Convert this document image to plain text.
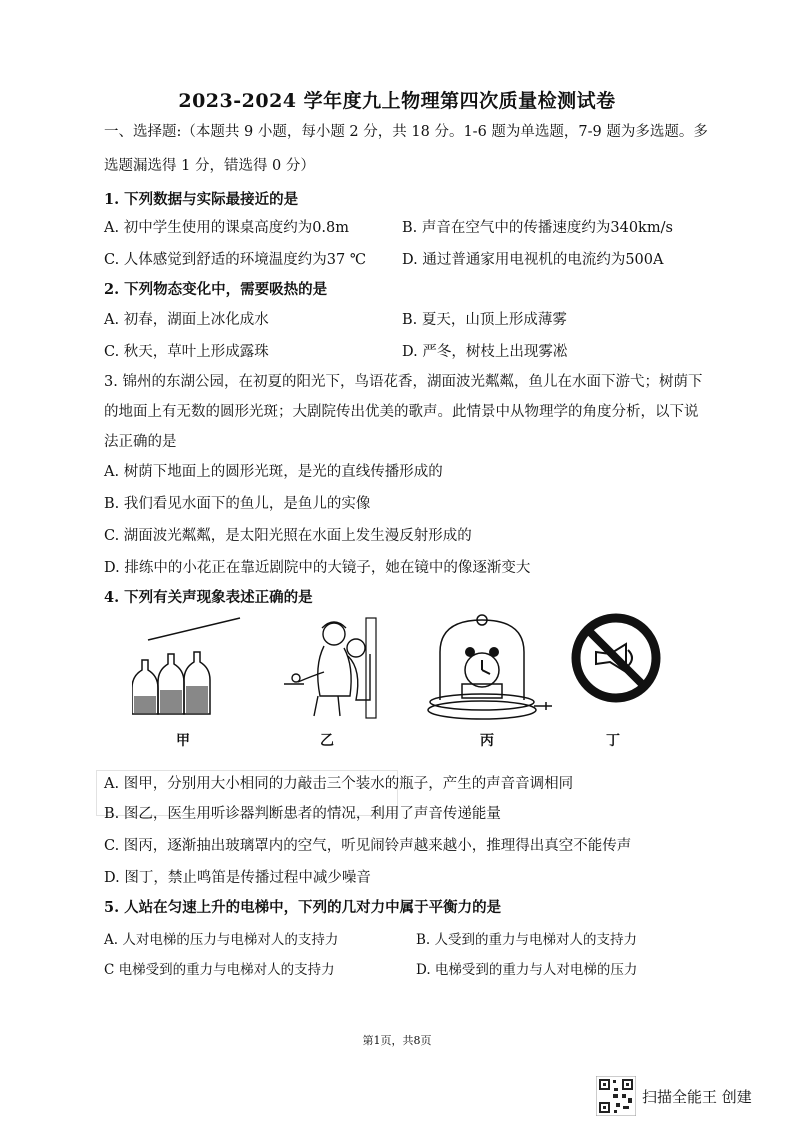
2023-2024 学年度九上物理第四次质量检测试卷
一、选择题:（本题共 9 小题，每小题 2 分，共 18 分。1-6 题为单选题，7-9 题为多选题。多
选题漏选得 1 分，错选得 0 分）
1. 下列数据与实际最接近的是
A. 初中学生使用的课桌高度约为0.8m	B. 声音在空气中的传播速度约为340km/s
C. 人体感觉到舒适的环境温度约为37 ℃ D. 通过普通家用电视机的电流约为500A
2. 下列物态变化中，需要吸热的是
A. 初春，湖面上冰化成水	B. 夏天，山顶上形成薄雾
C. 秋天，草叶上形成露珠	D. 严冬，树枝上出现雾凇
3. 锦州的东湖公园，在初夏的阳光下，鸟语花香，湖面波光粼粼，鱼儿在水面下游弋；树荫下
的地面上有无数的圆形光斑；大剧院传出优美的歌声。此情景中从物理学的角度分析，以下说
法正确的是
A. 树荫下地面上的圆形光斑，是光的直线传播形成的
B. 我们看见水面下的鱼儿，是鱼儿的实像
C. 湖面波光粼粼，是太阳光照在水面上发生漫反射形成的
D. 排练中的小花正在靠近剧院中的大镜子，她在镜中的像逐渐变大
4. 下列有关声现象表述正确的是
甲	乙	丙	丁
A. 图甲，分别用大小相同的力敲击三个装水的瓶子，产生的声音音调相同
B. 图乙，医生用听诊器判断患者的情况，利用了声音传递能量
C. 图丙，逐渐抽出玻璃罩内的空气，听见闹铃声越来越小，推理得出真空不能传声
D. 图丁，禁止鸣笛是传播过程中减少噪音
5. 人站在匀速上升的电梯中，下列的几对力中属于平衡力的是
A. 人对电梯的压力与电梯对人的支持力	B. 人受到的重力与电梯对人的支持力
C 电梯受到的重力与电梯对人的支持力	D. 电梯受到的重力与人对电梯的压力
第1页，共8页
扫描全能王 创建
